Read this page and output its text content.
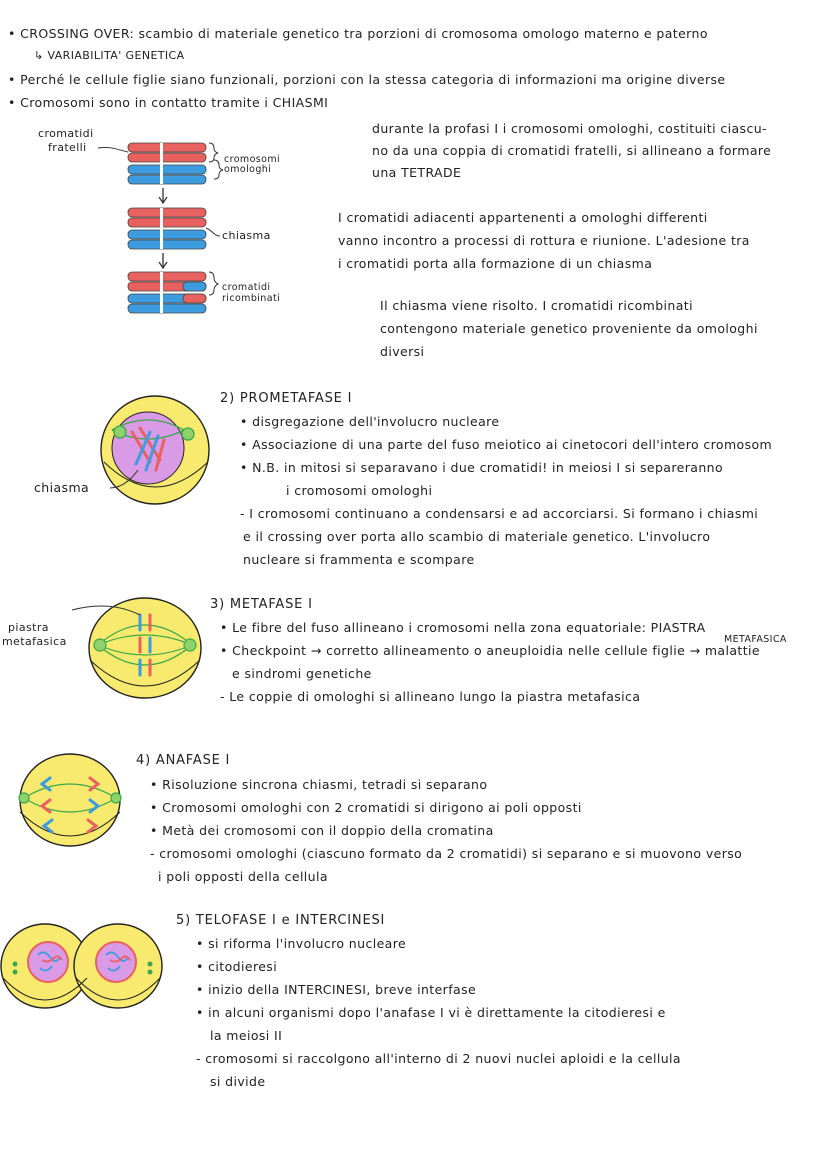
• CROSSING OVER: scambio di materiale genetico tra porzioni di cromosoma omologo materno e paterno
↳ VARIABILITA' GENETICA
• Perché le cellule figlie siano funzionali, porzioni con la stessa categoria di informazioni ma origine diverse
• Cromosomi sono in contatto tramite i CHIASMI
cromatidi
fratelli
cromosomi
omologhi
chiasma
cromatidi
ricombinati
durante la profasi I i cromosomi omologhi, costituiti ciascu-
no da una coppia di cromatidi fratelli, si allineano a formare
una TETRADE
I cromatidi adiacenti appartenenti a omologhi differenti
vanno incontro a processi di rottura e riunione. L'adesione tra
i cromatidi porta alla formazione di un chiasma
Il chiasma viene risolto. I cromatidi ricombinati
contengono materiale genetico proveniente da omologhi
diversi
2) PROMETAFASE I
• disgregazione dell'involucro nucleare
• Associazione di una parte del fuso meiotico ai cinetocori dell'intero cromosom
• N.B. in mitosi si separavano i due cromatidi! in meiosi I si separeranno
i cromosomi omologhi
- I cromosomi continuano a condensarsi e ad accorciarsi. Si formano i chiasmi
e il crossing over porta allo scambio di materiale genetico. L'involucro
nucleare si frammenta e scompare
chiasma
3) METAFASE I
• Le fibre del fuso allineano i cromosomi nella zona equatoriale: PIASTRA
METAFASICA
• Checkpoint → corretto allineamento o aneuploidia nelle cellule figlie → malattie
e sindromi genetiche
- Le coppie di omologhi si allineano lungo la piastra metafasica
piastra
metafasica
4) ANAFASE I
• Risoluzione sincrona chiasmi, tetradi si separano
• Cromosomi omologhi con 2 cromatidi si dirigono ai poli opposti
• Metà dei cromosomi con il doppio della cromatina
- cromosomi omologhi (ciascuno formato da 2 cromatidi) si separano e si muovono verso
i poli opposti della cellula
5) TELOFASE I e INTERCINESI
• si riforma l'involucro nucleare
• citodieresi
• inizio della INTERCINESI, breve interfase
• in alcuni organismi dopo l'anafase I vi è direttamente la citodieresi e
la meiosi II
- cromosomi si raccolgono all'interno di 2 nuovi nuclei aploidi e la cellula
si divide
